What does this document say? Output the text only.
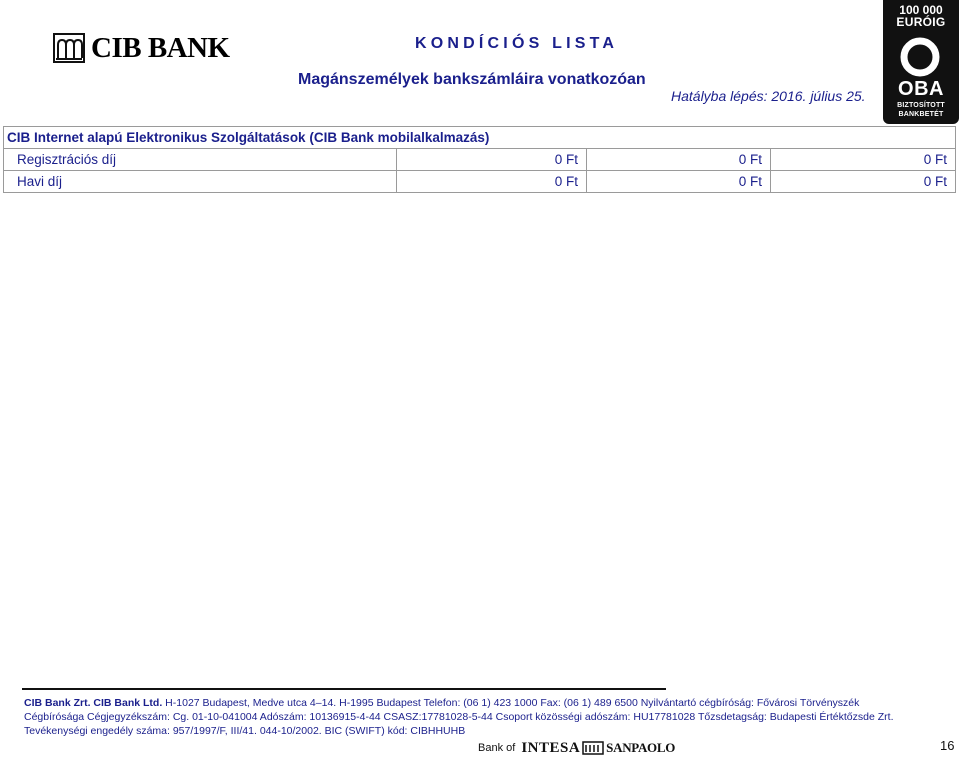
CIB BANK	KONDÍCIÓS LISTA
Magánszemélyek bankszámláira vonatkozóan
Hatályba lépés: 2016. július 25.
100 000
EURÓIG
OBA
BIZTOSÍTOTT
BANKBETÉT
CIB Internet alapú Elektronikus Szolgáltatások (CIB Bank mobilalkalmazás)			
Regisztrációs díj	0 Ft	0 Ft	0 Ft
Havi díj	0 Ft	0 Ft	0 Ft
CIB Bank Zrt. CIB Bank Ltd. H-1027 Budapest, Medve utca 4–14. H-1995 Budapest Telefon: (06 1) 423 1000 Fax: (06 1) 489 6500 Nyilvántartó cégbíróság: Fővárosi Törvényszék
Cégbírósága Cégjegyzékszám: Cg. 01-10-041004 Adószám: 10136915-4-44 CSASZ:17781028-5-44 Csoport közösségi adószám: HU17781028 Tőzsdetagság: Budapesti Értéktőzsde Zrt.
Tevékenységi engedély száma: 957/1997/F, III/41. 044-10/2002. BIC (SWIFT) kód: CIBHHUHB
Bank of INTESA SANPAOLO	16
